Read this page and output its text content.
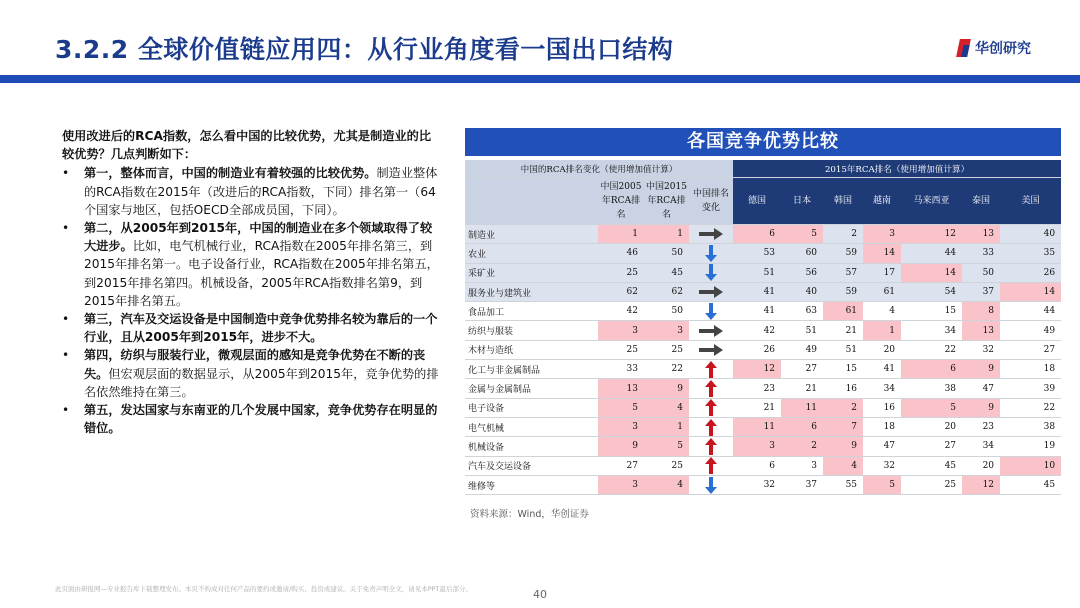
3.2.2 全球价值链应用四：从行业角度看一国出口结构	华创研究

使用改进后的RCA指数，怎么看中国的比较优势，尤其是制造业的比较优势？几点判断如下：

• 第一，整体而言，中国的制造业有着较强的比较优势。制造业整体的RCA指数在2015年（改进后的RCA指数，下同）排名第一（64个国家与地区，包括OECD全部成员国，下同）。

• 第二，从2005年到2015年，中国的制造业在多个领域取得了较大进步。比如，电气机械行业，RCA指数在2005年排名第三，到2015年排名第一。电子设备行业，RCA指数在2005年排名第五，到2015年排名第四。机械设备，2005年RCA指数排名第9，到2015年排名第五。

• 第三，汽车及交运设备是中国制造中竞争优势排名较为靠后的一个行业，且从2005年到2015年，进步不大。

• 第四，纺织与服装行业，微观层面的感知是竞争优势在不断的丧失。但宏观层面的数据显示，从2005年到2015年，竞争优势的排名依然维持在第三。

• 第五，发达国家与东南亚的几个发展中国家，竞争优势存在明显的错位。

各国竞争优势比较
中国的RCA排名变化（使用增加值计算）				2015年RCA排名（使用增加值计算）						
	中国2005年RCA排名	中国2015年RCA排名	中国排名变化	德国	日本	韩国	越南	马来西亚	泰国	美国
制造业	1	1		6	5	2	3	12	13	40
农业	46	50		53	60	59	14	44	33	35
采矿业	25	45		51	56	57	17	14	50	26
服务业与建筑业	62	62		41	40	59	61	54	37	14
食品加工	42	50		41	63	61	4	15	8	44
纺织与服装	3	3		42	51	21	1	34	13	49
木材与造纸	25	25		26	49	51	20	22	32	27
化工与非金属制品	33	22		12	27	15	41	6	9	18
金属与金属制品	13	9		23	21	16	34	38	47	39
电子设备	5	4		21	11	2	16	5	9	22
电气机械	3	1		11	6	7	18	20	23	38
机械设备	9	5		3	2	9	47	27	34	19
汽车及交运设备	27	25		6	3	4	32	45	20	10
维修等	3	4		32	37	55	5	25	12	45
资料来源：Wind，华创证券
此页面由研报网—专业报告库下载整理发布。本页不构成对任何产品的要约或邀请/购买、投资或建议。关于免责声明全文，请见本PPT最后部分。	40
